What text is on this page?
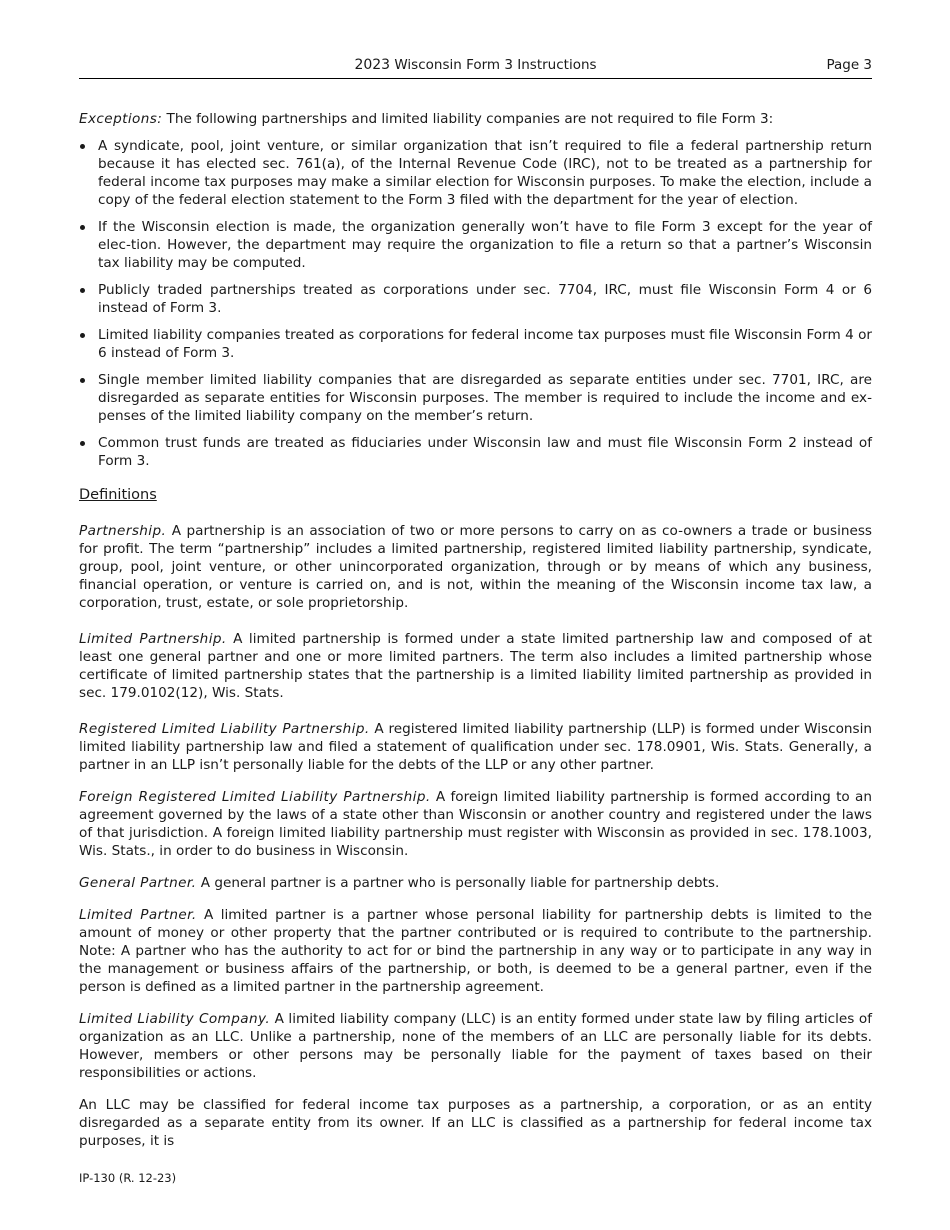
2023 Wisconsin Form 3 Instructions	Page 3

Exceptions: The following partnerships and limited liability companies are not required to file Form 3:

A syndicate, pool, joint venture, or similar organization that isn’t required to file a federal partnership return because it has elected sec. 761(a), of the Internal Revenue Code (IRC), not to be treated as a partnership for federal income tax purposes may make a similar election for Wisconsin purposes. To make the election, include a copy of the federal election statement to the Form 3 filed with the department for the year of election.
If the Wisconsin election is made, the organization generally won’t have to file Form 3 except for the year of elec-tion. However, the department may require the organization to file a return so that a partner’s Wisconsin tax liability may be computed.
Publicly traded partnerships treated as corporations under sec. 7704, IRC, must file Wisconsin Form 4 or 6 instead of Form 3.
Limited liability companies treated as corporations for federal income tax purposes must file Wisconsin Form 4 or 6 instead of Form 3.
Single member limited liability companies that are disregarded as separate entities under sec. 7701, IRC, are disregarded as separate entities for Wisconsin purposes. The member is required to include the income and ex-penses of the limited liability company on the member’s return.
Common trust funds are treated as fiduciaries under Wisconsin law and must file Wisconsin Form 2 instead of Form 3.

Definitions

Partnership. A partnership is an association of two or more persons to carry on as co-owners a trade or business for profit. The term “partnership” includes a limited partnership, registered limited liability partnership, syndicate, group, pool, joint venture, or other unincorporated organization, through or by means of which any business, financial operation, or venture is carried on, and is not, within the meaning of the Wisconsin income tax law, a corporation, trust, estate, or sole proprietorship.

Limited Partnership. A limited partnership is formed under a state limited partnership law and composed of at least one general partner and one or more limited partners. The term also includes a limited partnership whose certificate of limited partnership states that the partnership is a limited liability limited partnership as provided in sec. 179.0102(12), Wis. Stats.

Registered Limited Liability Partnership. A registered limited liability partnership (LLP) is formed under Wisconsin limited liability partnership law and filed a statement of qualification under sec. 178.0901, Wis. Stats. Generally, a partner in an LLP isn’t personally liable for the debts of the LLP or any other partner.

Foreign Registered Limited Liability Partnership. A foreign limited liability partnership is formed according to an agreement governed by the laws of a state other than Wisconsin or another country and registered under the laws of that jurisdiction. A foreign limited liability partnership must register with Wisconsin as provided in sec. 178.1003, Wis. Stats., in order to do business in Wisconsin.

General Partner. A general partner is a partner who is personally liable for partnership debts.

Limited Partner. A limited partner is a partner whose personal liability for partnership debts is limited to the amount of money or other property that the partner contributed or is required to contribute to the partnership. Note: A partner who has the authority to act for or bind the partnership in any way or to participate in any way in the management or business affairs of the partnership, or both, is deemed to be a general partner, even if the person is defined as a limited partner in the partnership agreement.

Limited Liability Company. A limited liability company (LLC) is an entity formed under state law by filing articles of organization as an LLC. Unlike a partnership, none of the members of an LLC are personally liable for its debts. However, members or other persons may be personally liable for the payment of taxes based on their responsibilities or actions.

An LLC may be classified for federal income tax purposes as a partnership, a corporation, or as an entity disregarded as a separate entity from its owner. If an LLC is classified as a partnership for federal income tax purposes, it is

IP-130 (R. 12-23)
